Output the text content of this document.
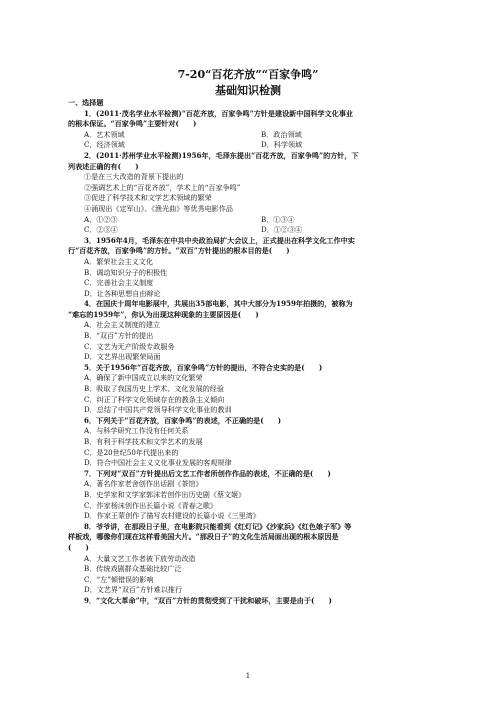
7-20“百花齐放”“百家争鸣”
基础知识检测
一、选择题
1．(2011·茂名学业水平检测)“百花齐放，百家争鸣”方针是建设新中国科学文化事业
的根本保证。“百家争鸣”主要针对(　　)
A．艺术领域	B．政治领域
C．经济领域	D．科学领域
2．(2011·苏州学业水平检测)1956年，毛泽东提出“百花齐放，百家争鸣”的方针，下
列表述正确的有(　　)
①是在三大改造的背景下提出的
②强调艺术上的“百花齐放”，学术上的“百家争鸣”
③促进了科学技术和文学艺术领域的繁荣
④涌现出《定军山》、《渔光曲》等优秀电影作品
A．①②③	B．①③④
C．②③④	D．①②③④
3．1956年4月，毛泽东在中共中央政治局扩大会议上，正式提出在科学文化工作中实
行“百花齐放，百家争鸣”的方针。“双百”方针提出的根本目的是(　　)
A．繁荣社会主义文化
B．调动知识分子的积极性
C．完善社会主义制度
D．让各种思想自由辩论
4．在国庆十周年电影展中，共展出35部电影，其中大部分为1959年拍摄的，被称为
“难忘的1959年”，你认为出现这种现象的主要原因是(　　)
A．社会主义制度的建立
B．“双百”方针的提出
C．文艺为无产阶级专政服务
D．文艺界出现繁荣局面
5．关于1956年“百花齐放，百家争鸣”方针的提出，不符合史实的是(　　)
A．确保了新中国成立以来的文化繁荣
B．吸取了我国历史上学术、文化发展的经验
C．纠正了科学文化领域存在的教条主义倾向
D．总结了中国共产党领导科学文化事业的教训
6．下列关于“百花齐放，百家争鸣”的表述，不正确的是(　　)
A．与科学研究工作没有任何关系
B．有利于科学技术和文学艺术的发展
C．是20世纪50年代提出来的
D．符合中国社会主义文化事业发展的客观规律
7．下列对“双百”方针提出后文艺工作者所创作作品的表述，不正确的是(　　)
A．著名作家老舍创作出话剧《茶馆》
B．史学家和文学家郭沫若创作出历史剧《蔡文姬》
C．作家杨沫创作出长篇小说《青春之歌》
D．作家王蒙创作了描写农村建设的长篇小说《三里湾》
8．爷爷讲，在那段日子里，在电影院只能看到《红灯记》《沙家浜》《红色娘子军》等
样板戏，哪像你们现在这样看美国大片。“那段日子”的文化生活局面出现的根本原因是
(　　)
A．大量文艺工作者被下放劳动改造
B．传统戏剧群众基础比较广泛
C．“左”倾错误的影响
D．文艺界“双百”方针难以推行
9．“文化大革命”中，“双百”方针的贯彻受到了干扰和破坏，主要是由于(　　)
1
